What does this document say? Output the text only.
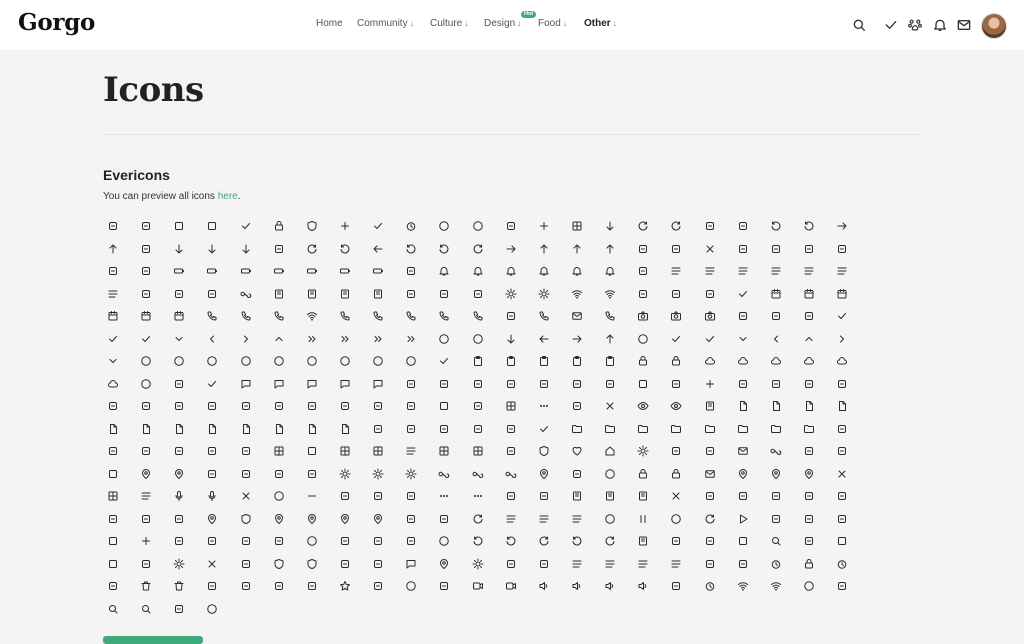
Gorgo	Home Community ↓ Culture ↓ Design ↓
Hot
Food ↓ Other ↓
Icons
Evericons
You can preview all icons here.
